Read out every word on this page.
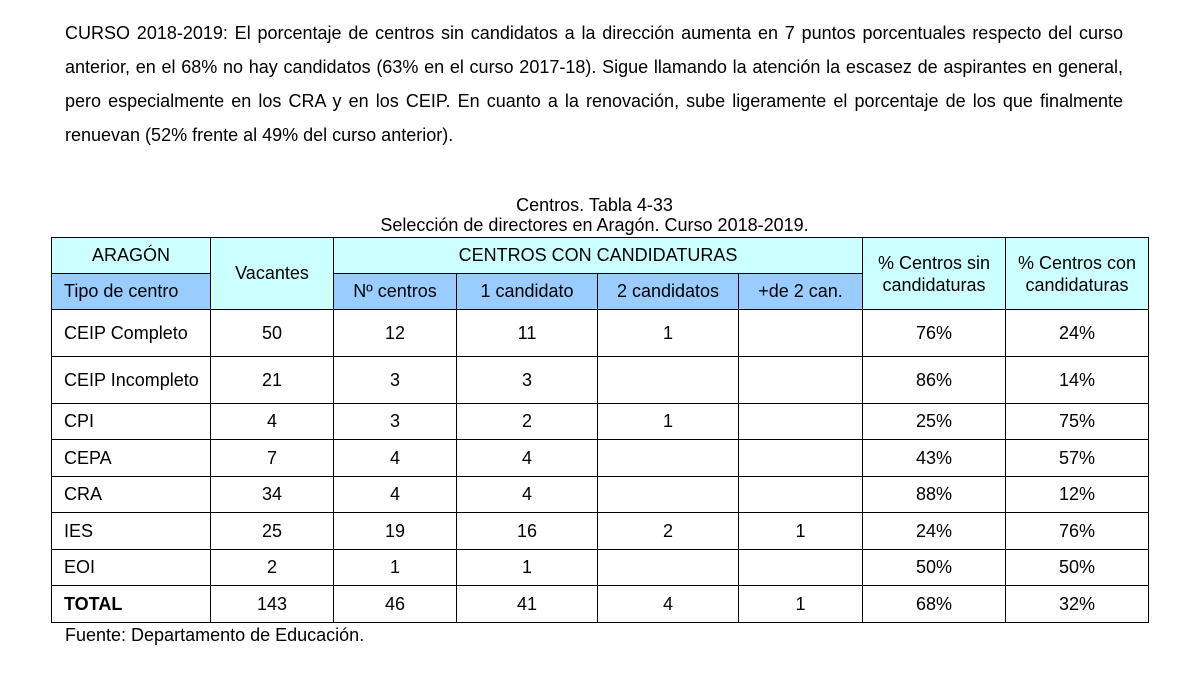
CURSO 2018-2019: El porcentaje de centros sin candidatos a la dirección aumenta en 7 puntos porcentuales respecto del curso anterior, en el 68% no hay candidatos (63% en el curso 2017-18). Sigue llamando la atención la escasez de aspirantes en general, pero especialmente en los CRA y en los CEIP. En cuanto a la renovación, sube ligeramente el porcentaje de los que finalmente renuevan (52% frente al 49% del curso anterior).

Centros. Tabla 4-33

Selección de directores en Aragón. Curso 2018-2019.

ARAGÓN	Vacantes	CENTROS CON CANDIDATURAS				% Centros sin candidaturas	% Centros con candidaturas
Tipo de centro		Nº centros	1 candidato	2 candidatos	+de 2 can.		
CEIP Completo	50	12	11	1		76%	24%
CEIP Incompleto	21	3	3			86%	14%
CPI	4	3	2	1		25%	75%
CEPA	7	4	4			43%	57%
CRA	34	4	4			88%	12%
IES	25	19	16	2	1	24%	76%
EOI	2	1	1			50%	50%
TOTAL	143	46	41	4	1	68%	32%

Fuente: Departamento de Educación.
